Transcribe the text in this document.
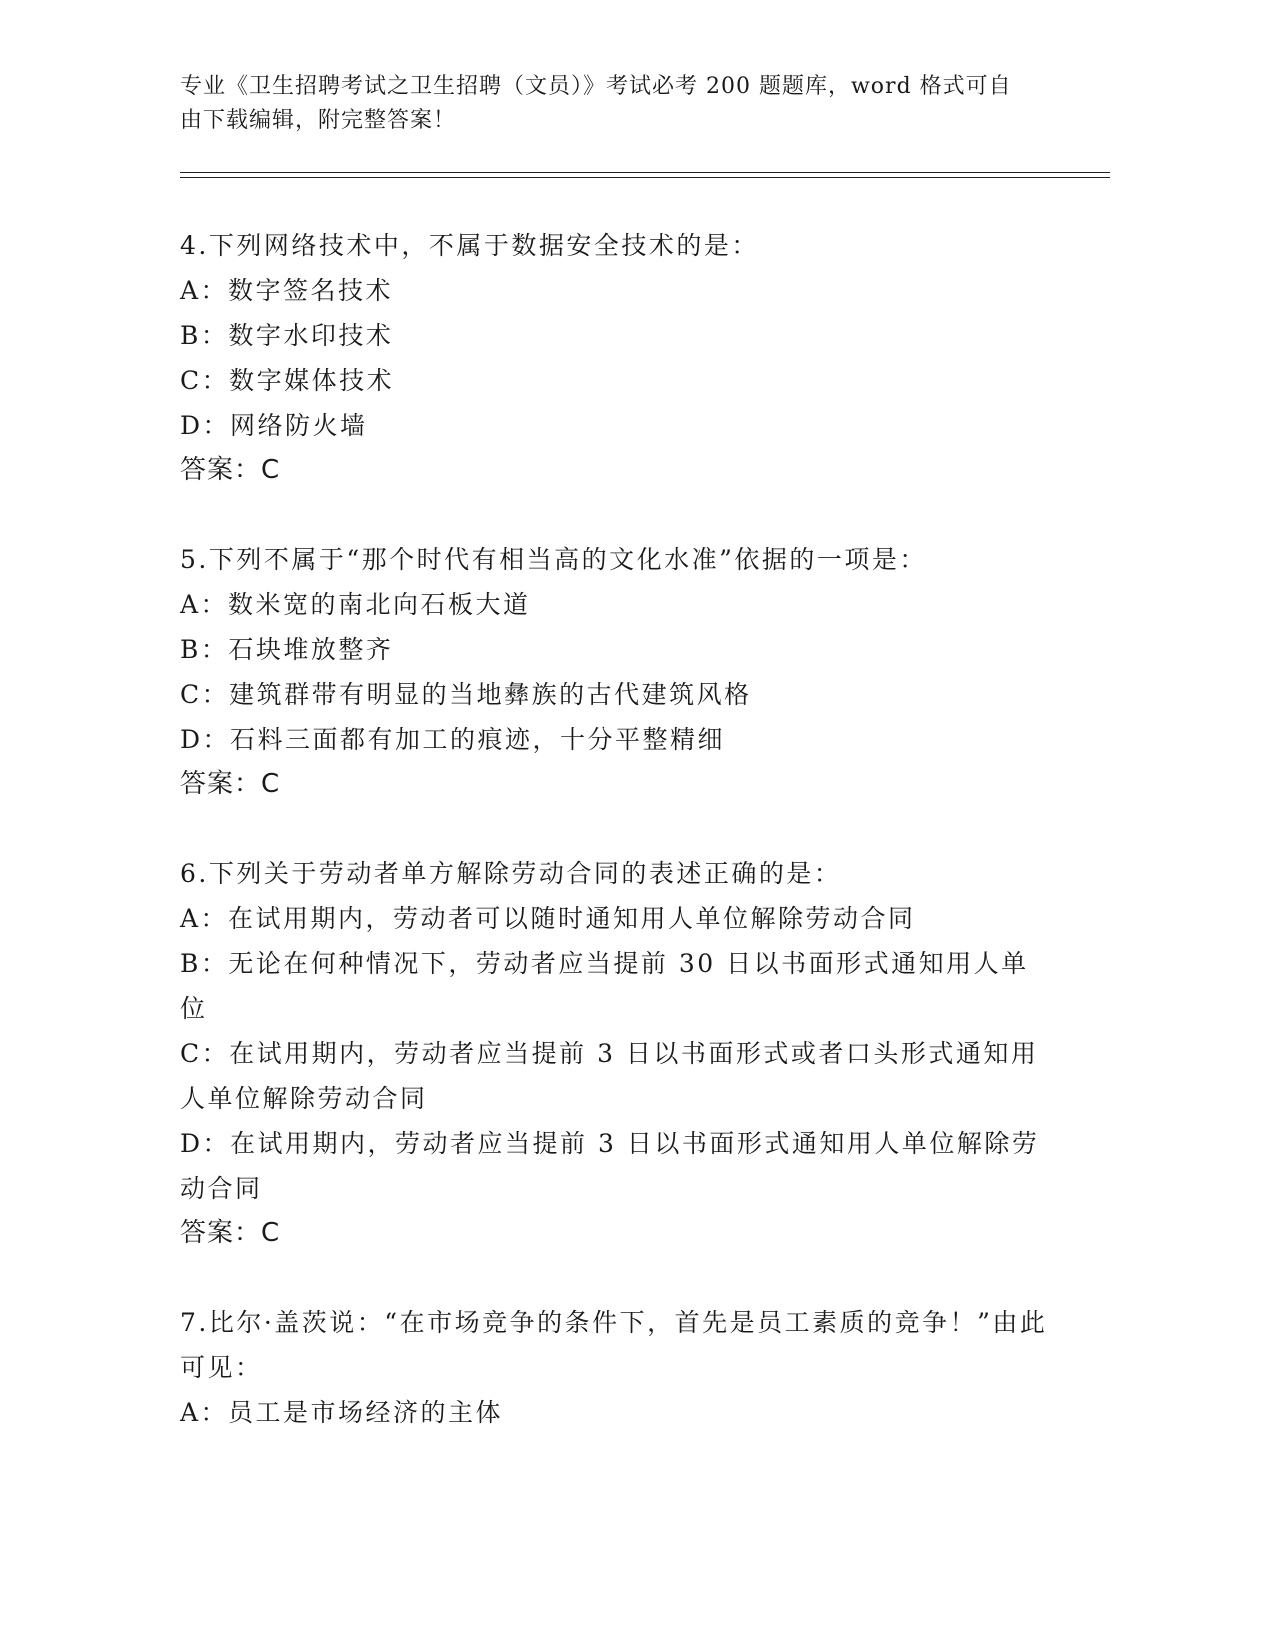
专业《卫生招聘考试之卫生招聘（文员）》考试必考 200 题题库，word 格式可自
由下载编辑，附完整答案！
4.下列网络技术中，不属于数据安全技术的是：
A：数字签名技术
B：数字水印技术
C：数字媒体技术
D：网络防火墙
答案：C
5.下列不属于“那个时代有相当高的文化水准”依据的一项是：
A：数米宽的南北向石板大道
B：石块堆放整齐
C：建筑群带有明显的当地彝族的古代建筑风格
D：石料三面都有加工的痕迹，十分平整精细
答案：C
6.下列关于劳动者单方解除劳动合同的表述正确的是：
A：在试用期内，劳动者可以随时通知用人单位解除劳动合同
B：无论在何种情况下，劳动者应当提前 30 日以书面形式通知用人单位
C：在试用期内，劳动者应当提前 3 日以书面形式或者口头形式通知用人单位解除劳动合同
D：在试用期内，劳动者应当提前 3 日以书面形式通知用人单位解除劳动合同
答案：C
7.比尔·盖茨说：“在市场竞争的条件下，首先是员工素质的竞争！”由此可见：
A：员工是市场经济的主体
